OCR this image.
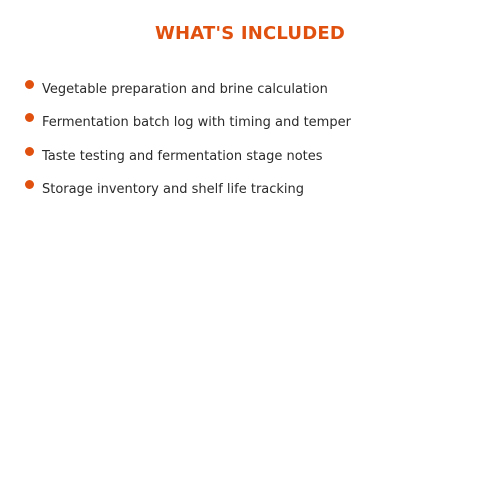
WHAT'S INCLUDED
Vegetable preparation and brine calculation
Fermentation batch log with timing and temper
Taste testing and fermentation stage notes
Storage inventory and shelf life tracking
